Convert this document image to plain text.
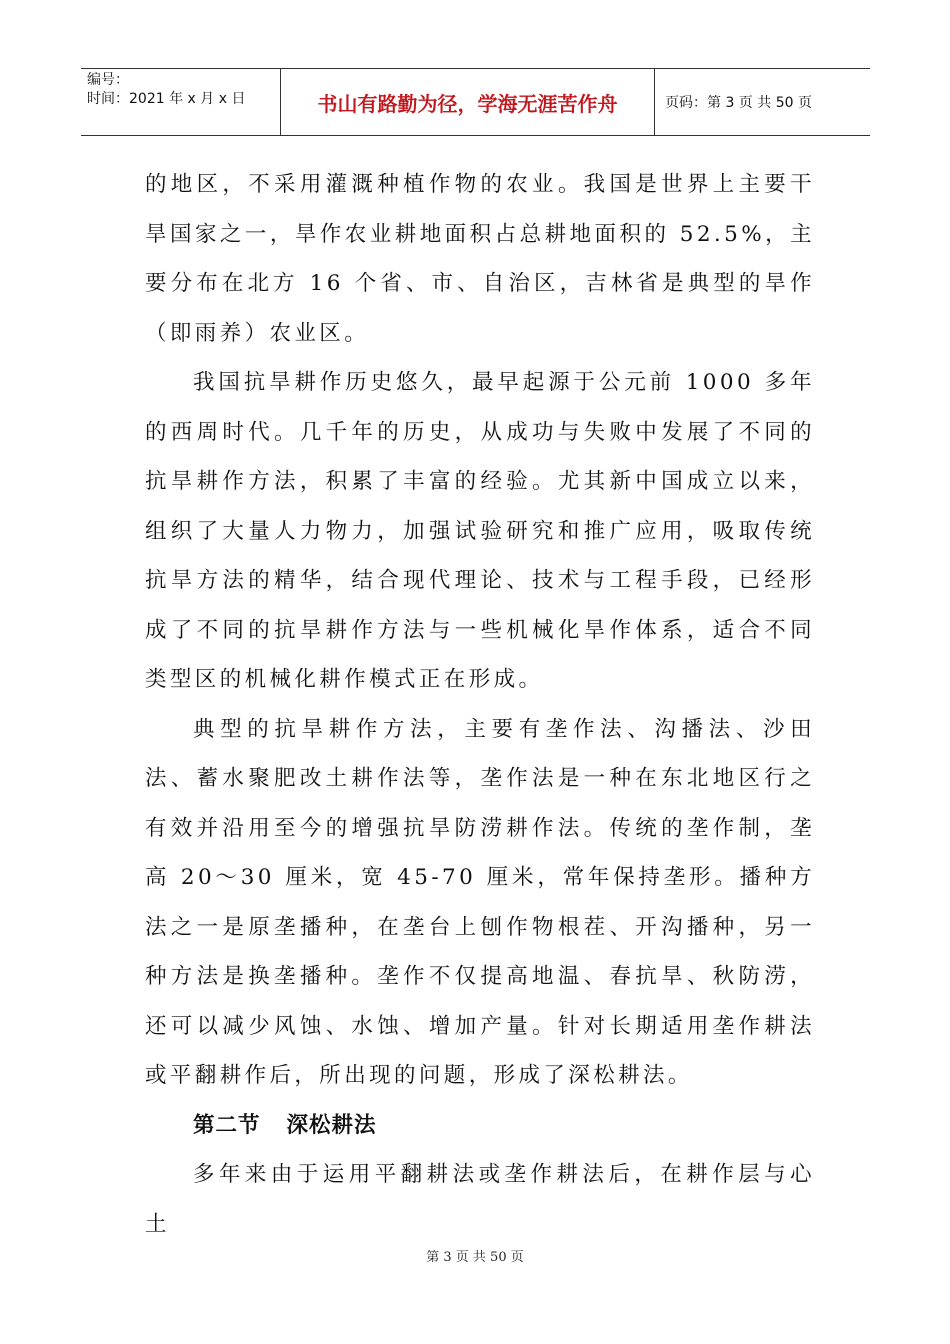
编号：
时间：2021 年 x 月 x 日	书山有路勤为径，学海无涯苦作舟	页码：第 3 页 共 50 页

的地区，不采用灌溉种植作物的农业。我国是世界上主要干旱国家之一，旱作农业耕地面积占总耕地面积的 52.5%，主要分布在北方 16 个省、市、自治区，吉林省是典型的旱作（即雨养）农业区。

我国抗旱耕作历史悠久，最早起源于公元前 1000 多年的西周时代。几千年的历史，从成功与失败中发展了不同的抗旱耕作方法，积累了丰富的经验。尤其新中国成立以来，组织了大量人力物力，加强试验研究和推广应用，吸取传统抗旱方法的精华，结合现代理论、技术与工程手段，已经形成了不同的抗旱耕作方法与一些机械化旱作体系，适合不同类型区的机械化耕作模式正在形成。

典型的抗旱耕作方法，主要有垄作法、沟播法、沙田法、蓄水聚肥改土耕作法等，垄作法是一种在东北地区行之有效并沿用至今的增强抗旱防涝耕作法。传统的垄作制，垄高 20～30 厘米，宽 45-70 厘米，常年保持垄形。播种方法之一是原垄播种，在垄台上刨作物根茬、开沟播种，另一种方法是换垄播种。垄作不仅提高地温、春抗旱、秋防涝，还可以减少风蚀、水蚀、增加产量。针对长期适用垄作耕法或平翻耕作后，所出现的问题，形成了深松耕法。

第二节 深松耕法

多年来由于运用平翻耕法或垄作耕法后，在耕作层与心土

第 3 页 共 50 页
